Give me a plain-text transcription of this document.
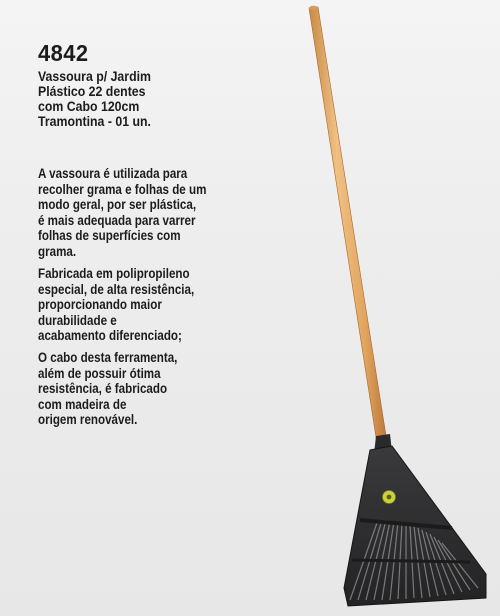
4842
Vassoura p/ Jardim
Plástico 22 dentes
com Cabo 120cm
Tramontina - 01 un.
A vassoura é utilizada para
recolher grama e folhas de um
modo geral, por ser plástica,
é mais adequada para varrer
folhas de superfícies com
grama.
Fabricada em polipropileno
especial, de alta resistência,
proporcionando maior
durabilidade e
acabamento diferenciado;
O cabo desta ferramenta,
além de possuir ótima
resistência, é fabricado
com madeira de
origem renovável.
